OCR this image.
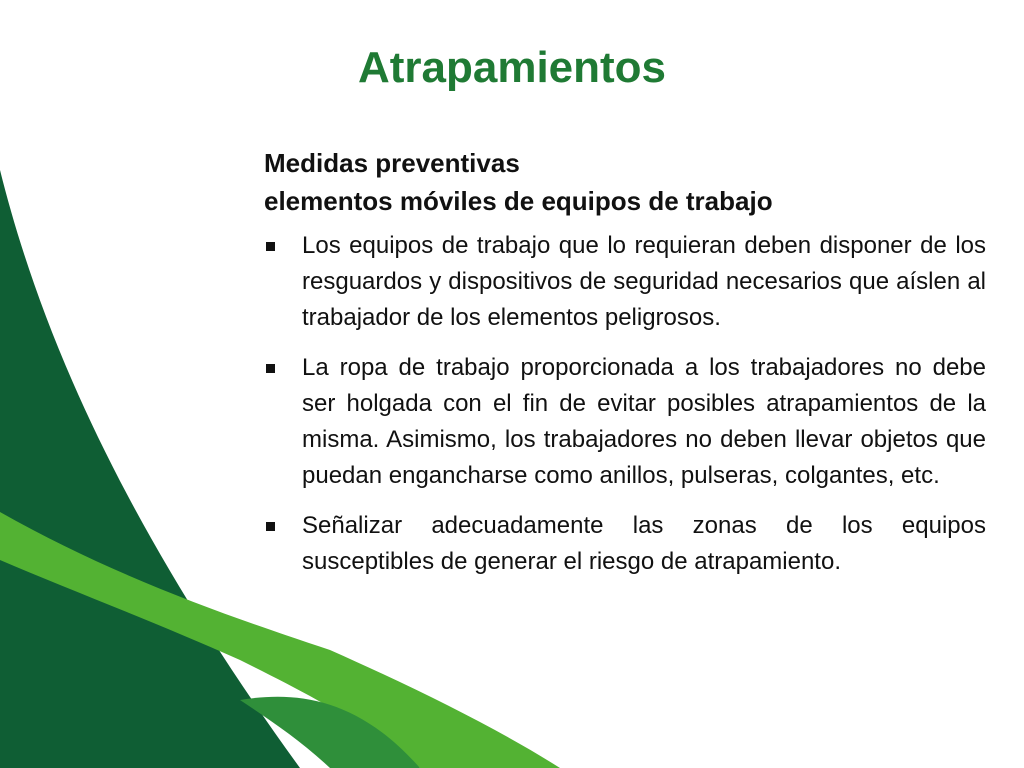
Atrapamientos

Medidas preventivas

elementos móviles de equipos de trabajo

Los equipos de trabajo que lo requieran deben disponer de los resguardos y dispositivos de seguridad necesarios que aíslen al trabajador de los elementos peligrosos.
La ropa de trabajo proporcionada a los trabajadores no debe ser holgada con el fin de evitar posibles atrapamientos de la misma. Asimismo, los trabajadores no deben llevar objetos que puedan engancharse como anillos, pulseras, colgantes, etc.
Señalizar adecuadamente las zonas de los equipos susceptibles de generar el riesgo de atrapamiento.
